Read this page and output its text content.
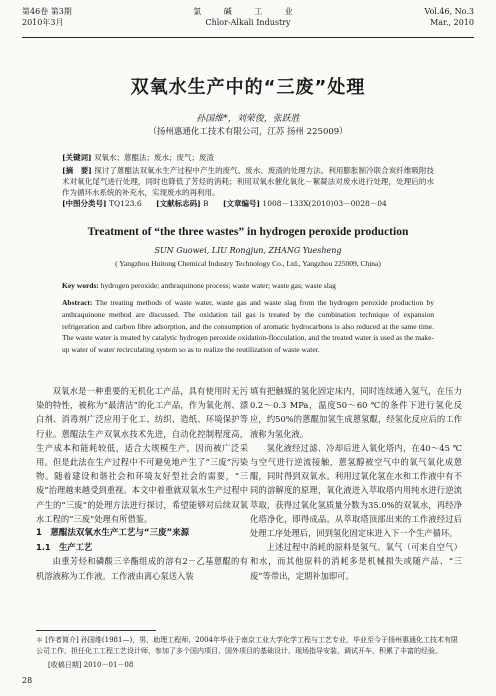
第46卷 第3期
2010年3月
氯 碱 工 业
Chlor-Alkali Industry
Vol.46, No.3
Mar., 2010
双氧水生产中的“三废”处理
孙国维*，刘荣俊，张跃胜
（扬州惠通化工技术有限公司，江苏 扬州 225009）
[关键词] 双氧水；蒽醌法；废水；废气；废渣
[摘　要] 探讨了蒽醌法双氧水生产过程中产生的废气、废水、废渣的处理方法。利用膨胀制冷联合炭纤维吸附技术对氧化尾气进行处理，同时也降低了芳烃的消耗；利用双氧水催化氧化－絮凝法对废水进行处理，处理后的水作为循环水系统的补充水，实现废水的再利用。
[中图分类号] TQ123.6 [文献标志码] B [文章编号] 1008－133X(2010)03－0028－04
Treatment of “the three wastes” in hydrogen peroxide production
SUN Guowei, LIU Rongjun, ZHANG Yuesheng
( Yangzhou Huitong Chemical Industry Technology Co., Ltd., Yangzhou 225009, China)
Key words: hydrogen peroxide; anthraquinone process; waste water; waste gas; waste slag
Abstract: The treating methods of waste water, waste gas and waste slag from the hydrogen peroxide production by anthraquinone method are discussed. The oxidation tail gas is treated by the combination technique of expansion refrigeration and carbon fibre adsorption, and the consumption of aromatic hydrocarbons is also reduced at the same time. The waste water is treated by catalytic hydrogen peroxide oxidation-flocculation, and the treated water is used as the make-up water of water recirculating system so as to realize the reutilization of waste water.

双氧水是一种重要的无机化工产品，具有使用时无污染的特性，被称为“最清洁”的化工产品，作为氧化剂、漂白剂、消毒剂广泛应用于化工、纺织、造纸、环境保护等行业。蒽醌法生产双氧水技术先进，自动化控制程度高，生产成本和能耗较低，适合大规模生产，因而被广泛采用。但是此法在生产过程中不可避免地产生了“三废”污染物。随着建设和谐社会和环境友好型社会的需要，“三废”治理越来越受到重视。本文中着重就双氧水生产过程中产生的“三废”的处理方法进行探讨，希望能够对后续双氧水工程的“三废”处理有所借鉴。

1　蒽醌法双氧水生产工艺与“三废”来源
1.1　生产工艺

由重芳烃和磷酸三辛酯组成的溶有2－乙基蒽醌的有机溶液称为工作液。工作液由离心泵送入装

填有把触媒的氢化固定床内，同时连续通入氢气，在压力0.2～0.3 MPa，温度50～60 ℃的条件下进行氢化反应，约50%的蒽醌加氢生成蒽氢醌，经氢化反应后的工作液称为氢化液。

氢化液经过滤、冷却后进入氧化塔内，在40～45 ℃与空气进行逆流接触，蒽氢醇被空气中的氧气氧化成蒽醌，同时得到双氧水。利用过氧化氢在水和工作液中有不同的溶解度的原理，氧化液进入萃取塔内用纯水进行逆流萃取，获得过氧化氢质量分数为35.0%的双氧水，再经净化塔净化，即得成品。从萃取塔顶部出来的工作液经过后处理工序处理后，回到氢化固定床进入下一个生产循环。

上述过程中消耗的原料是氢气、氧气（可来自空气）和水，而其他原料的消耗多是机械损失或随产品、“三废”等带出，定期补加即可。

＊ [作者简介] 孙国维(1981—)，男，助理工程师，2004年毕业于南京工业大学化学工程与工艺专业，毕业至今于扬州惠通化工技术有限公司工作，担任化工工程工艺设计师，参加了多个国内项目、国外项目的基础设计、现场指导安装、调试开车，积累了丰富的经验。
[收稿日期] 2010－01－08
28
